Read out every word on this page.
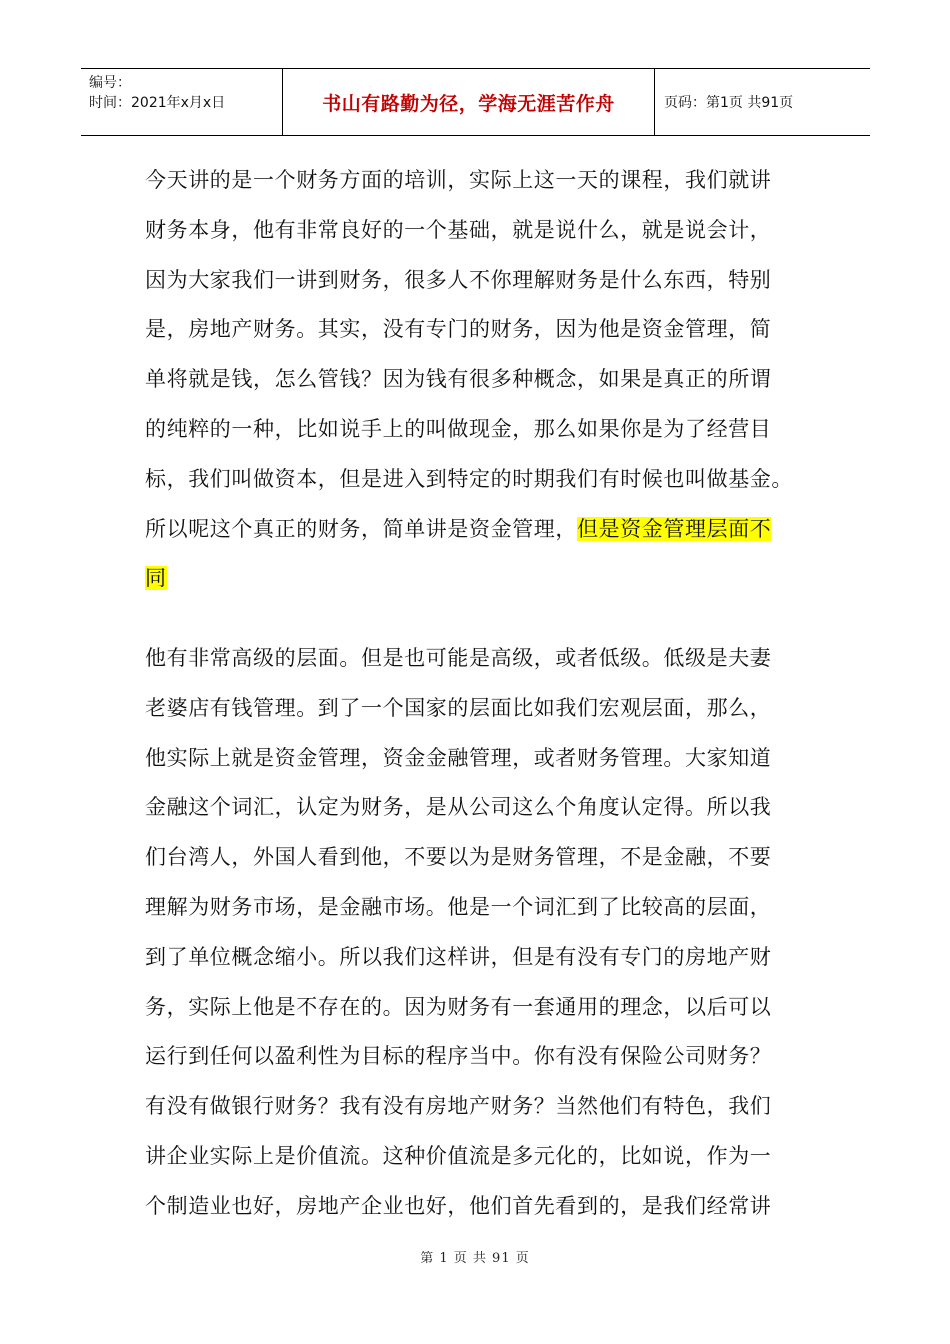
编号：
时间：2021年x月x日	书山有路勤为径，学海无涯苦作舟	页码：第1页 共91页
今天讲的是一个财务方面的培训，实际上这一天的课程，我们就讲
财务本身，他有非常良好的一个基础，就是说什么，就是说会计，
因为大家我们一讲到财务，很多人不你理解财务是什么东西，特别
是，房地产财务。其实，没有专门的财务，因为他是资金管理，简
单将就是钱，怎么管钱？因为钱有很多种概念，如果是真正的所谓
的纯粹的一种，比如说手上的叫做现金，那么如果你是为了经营目
标，我们叫做资本，但是进入到特定的时期我们有时候也叫做基金。
所以呢这个真正的财务，简单讲是资金管理，但是资金管理层面不
同
他有非常高级的层面。但是也可能是高级，或者低级。低级是夫妻
老婆店有钱管理。到了一个国家的层面比如我们宏观层面，那么，
他实际上就是资金管理，资金金融管理，或者财务管理。大家知道
金融这个词汇，认定为财务，是从公司这么个角度认定得。所以我
们台湾人，外国人看到他，不要以为是财务管理，不是金融，不要
理解为财务市场，是金融市场。他是一个词汇到了比较高的层面，
到了单位概念缩小。所以我们这样讲，但是有没有专门的房地产财
务，实际上他是不存在的。因为财务有一套通用的理念，以后可以
运行到任何以盈利性为目标的程序当中。你有没有保险公司财务？
有没有做银行财务？我有没有房地产财务？当然他们有特色，我们
讲企业实际上是价值流。这种价值流是多元化的，比如说，作为一
个制造业也好，房地产企业也好，他们首先看到的，是我们经常讲
第 1 页 共 91 页
